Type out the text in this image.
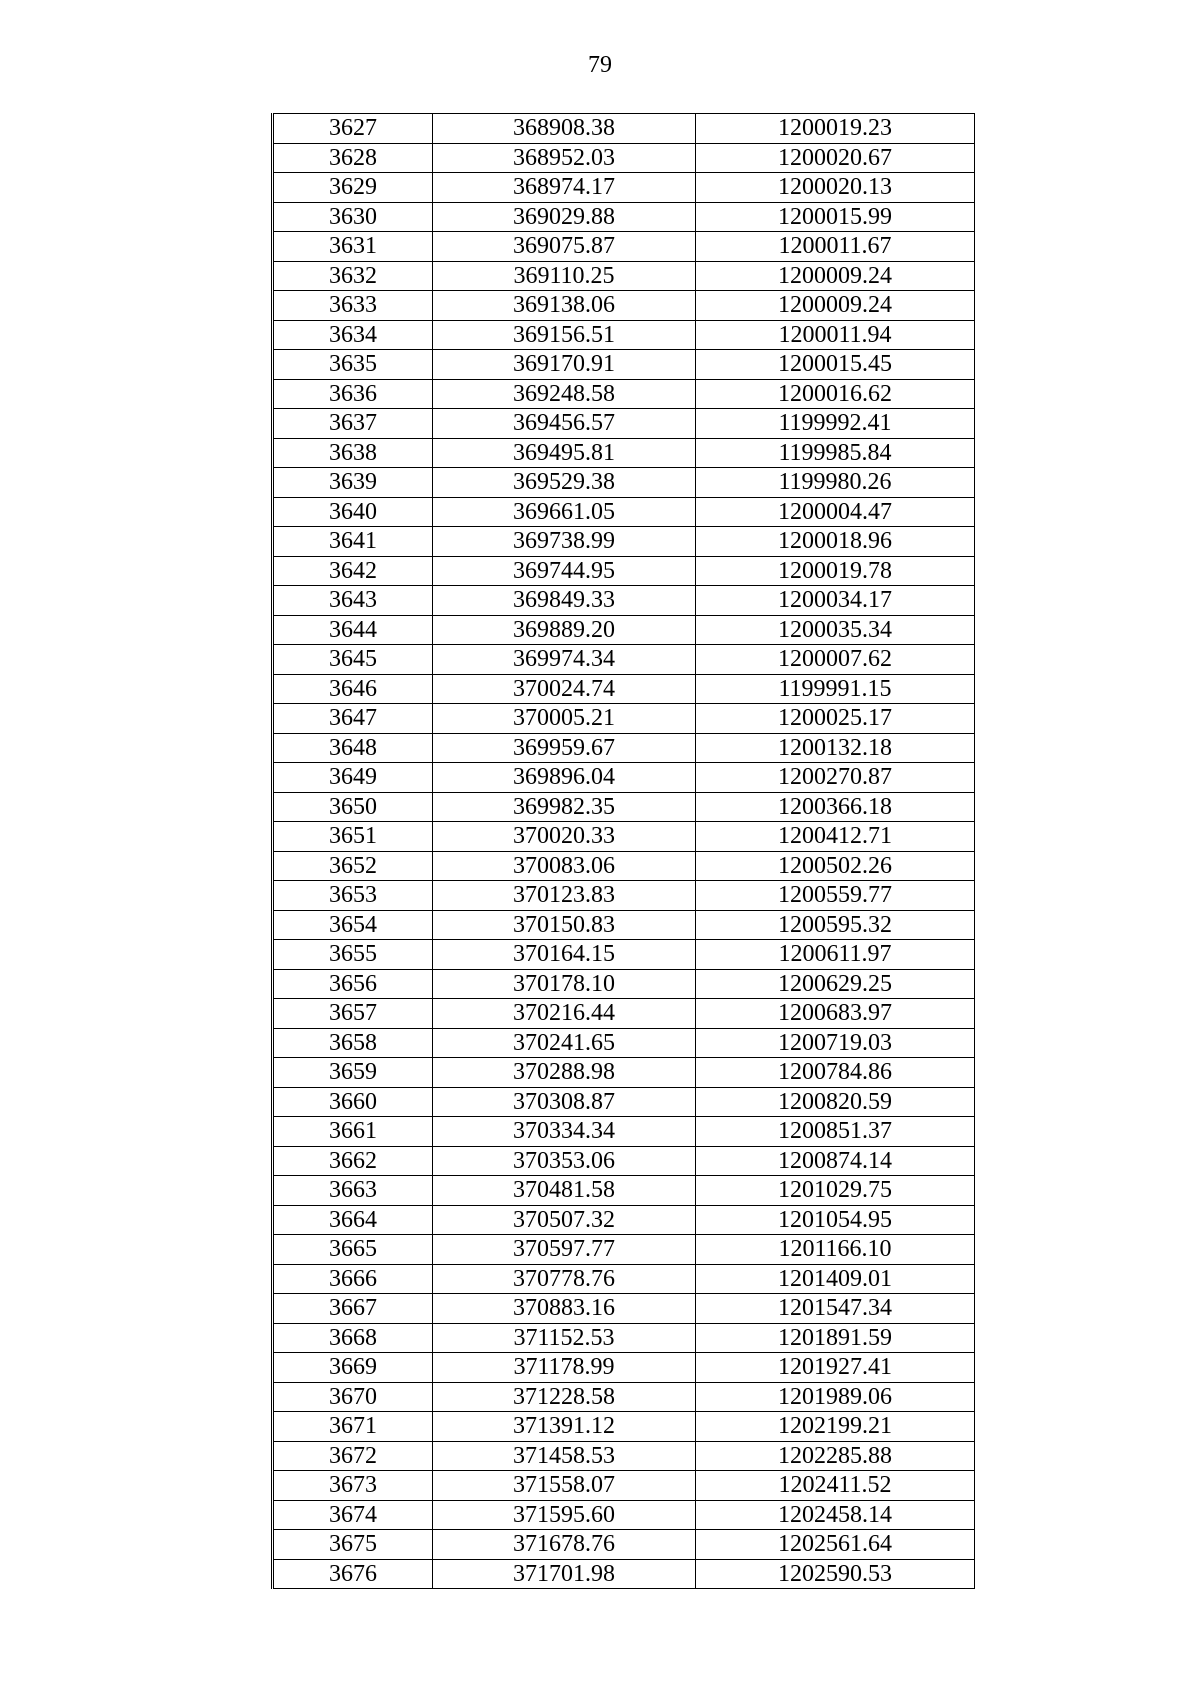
79
3627	368908.38	1200019.23
3628	368952.03	1200020.67
3629	368974.17	1200020.13
3630	369029.88	1200015.99
3631	369075.87	1200011.67
3632	369110.25	1200009.24
3633	369138.06	1200009.24
3634	369156.51	1200011.94
3635	369170.91	1200015.45
3636	369248.58	1200016.62
3637	369456.57	1199992.41
3638	369495.81	1199985.84
3639	369529.38	1199980.26
3640	369661.05	1200004.47
3641	369738.99	1200018.96
3642	369744.95	1200019.78
3643	369849.33	1200034.17
3644	369889.20	1200035.34
3645	369974.34	1200007.62
3646	370024.74	1199991.15
3647	370005.21	1200025.17
3648	369959.67	1200132.18
3649	369896.04	1200270.87
3650	369982.35	1200366.18
3651	370020.33	1200412.71
3652	370083.06	1200502.26
3653	370123.83	1200559.77
3654	370150.83	1200595.32
3655	370164.15	1200611.97
3656	370178.10	1200629.25
3657	370216.44	1200683.97
3658	370241.65	1200719.03
3659	370288.98	1200784.86
3660	370308.87	1200820.59
3661	370334.34	1200851.37
3662	370353.06	1200874.14
3663	370481.58	1201029.75
3664	370507.32	1201054.95
3665	370597.77	1201166.10
3666	370778.76	1201409.01
3667	370883.16	1201547.34
3668	371152.53	1201891.59
3669	371178.99	1201927.41
3670	371228.58	1201989.06
3671	371391.12	1202199.21
3672	371458.53	1202285.88
3673	371558.07	1202411.52
3674	371595.60	1202458.14
3675	371678.76	1202561.64
3676	371701.98	1202590.53
